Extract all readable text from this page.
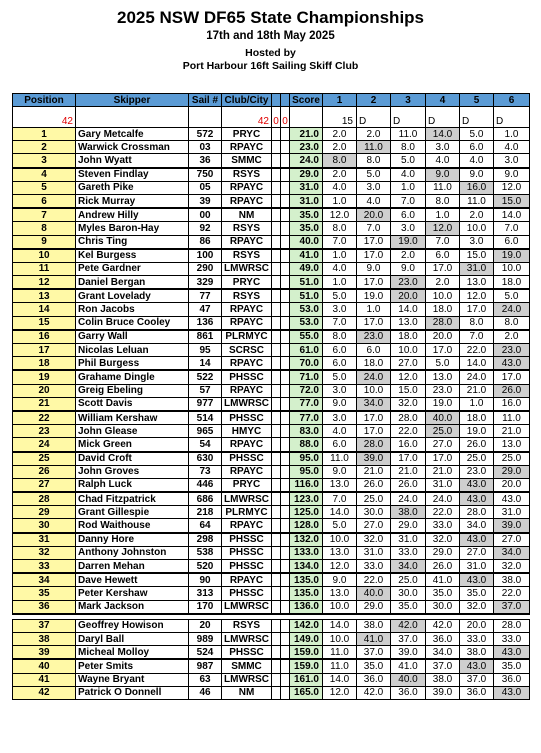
2025 NSW DF65 State Championships
17th and 18th May 2025
Hosted by
Port Harbour 16ft Sailing Skiff Club
Position	Skipper	Sail #	Club/City			Score	1	2	3	4	5	6
42			42	0	0		15	D	D	D	D	D
1	Gary Metcalfe	572	PRYC			21.0	2.0	2.0	11.0	14.0	5.0	1.0
2	Warwick Crossman	03	RPAYC			23.0	2.0	11.0	8.0	3.0	6.0	4.0
3	John Wyatt	36	SMMC			24.0	8.0	8.0	5.0	4.0	4.0	3.0
4	Steven Findlay	750	RSYS			29.0	2.0	5.0	4.0	9.0	9.0	9.0
5	Gareth Pike	05	RPAYC			31.0	4.0	3.0	1.0	11.0	16.0	12.0
6	Rick Murray	39	RPAYC			31.0	1.0	4.0	7.0	8.0	11.0	15.0
7	Andrew Hilly	00	NM			35.0	12.0	20.0	6.0	1.0	2.0	14.0
8	Myles Baron-Hay	92	RSYS			35.0	8.0	7.0	3.0	12.0	10.0	7.0
9	Chris Ting	86	RPAYC			40.0	7.0	17.0	19.0	7.0	3.0	6.0
10	Kel Burgess	100	RSYS			41.0	1.0	17.0	2.0	6.0	15.0	19.0
11	Pete Gardner	290	LMWRSC			49.0	4.0	9.0	9.0	17.0	31.0	10.0
12	Daniel Bergan	329	PRYC			51.0	1.0	17.0	23.0	2.0	13.0	18.0
13	Grant Lovelady	77	RSYS			51.0	5.0	19.0	20.0	10.0	12.0	5.0
14	Ron Jacobs	47	RPAYC			53.0	3.0	1.0	14.0	18.0	17.0	24.0
15	Colin Bruce Cooley	136	RPAYC			53.0	7.0	17.0	13.0	28.0	8.0	8.0
16	Garry Wall	861	PLRMYC			55.0	8.0	23.0	18.0	20.0	7.0	2.0
17	Nicolas Leluan	95	SCRSC			61.0	6.0	6.0	10.0	17.0	22.0	23.0
18	Phil Burgess	14	RPAYC			70.0	6.0	18.0	27.0	5.0	14.0	43.0
19	Grahame Dingle	522	PHSSC			71.0	5.0	24.0	12.0	13.0	24.0	17.0
20	Greig Ebeling	57	RPAYC			72.0	3.0	10.0	15.0	23.0	21.0	26.0
21	Scott Davis	977	LMWRSC			77.0	9.0	34.0	32.0	19.0	1.0	16.0
22	William Kershaw	514	PHSSC			77.0	3.0	17.0	28.0	40.0	18.0	11.0
23	John Glease	965	HMYC			83.0	4.0	17.0	22.0	25.0	19.0	21.0
24	Mick Green	54	RPAYC			88.0	6.0	28.0	16.0	27.0	26.0	13.0
25	David Croft	630	PHSSC			95.0	11.0	39.0	17.0	17.0	25.0	25.0
26	John Groves	73	RPAYC			95.0	9.0	21.0	21.0	21.0	23.0	29.0
27	Ralph Luck	446	PRYC			116.0	13.0	26.0	26.0	31.0	43.0	20.0
28	Chad Fitzpatrick	686	LMWRSC			123.0	7.0	25.0	24.0	24.0	43.0	43.0
29	Grant Gillespie	218	PLRMYC			125.0	14.0	30.0	38.0	22.0	28.0	31.0
30	Rod Waithouse	64	RPAYC			128.0	5.0	27.0	29.0	33.0	34.0	39.0
31	Danny Hore	298	PHSSC			132.0	10.0	32.0	31.0	32.0	43.0	27.0
32	Anthony Johnston	538	PHSSC			133.0	13.0	31.0	33.0	29.0	27.0	34.0
33	Darren Mehan	520	PHSSC			134.0	12.0	33.0	34.0	26.0	31.0	32.0
34	Dave Hewett	90	RPAYC			135.0	9.0	22.0	25.0	41.0	43.0	38.0
35	Peter Kershaw	313	PHSSC			135.0	13.0	40.0	30.0	35.0	35.0	22.0
36	Mark Jackson	170	LMWRSC			136.0	10.0	29.0	35.0	30.0	32.0	37.0

37	Geoffrey Howison	20	RSYS			142.0	14.0	38.0	42.0	42.0	20.0	28.0
38	Daryl Ball	989	LMWRSC			149.0	10.0	41.0	37.0	36.0	33.0	33.0
39	Micheal Molloy	524	PHSSC			159.0	11.0	37.0	39.0	34.0	38.0	43.0
40	Peter Smits	987	SMMC			159.0	11.0	35.0	41.0	37.0	43.0	35.0
41	Wayne Bryant	63	LMWRSC			161.0	14.0	36.0	40.0	38.0	37.0	36.0
42	Patrick O Donnell	46	NM			165.0	12.0	42.0	36.0	39.0	36.0	43.0
